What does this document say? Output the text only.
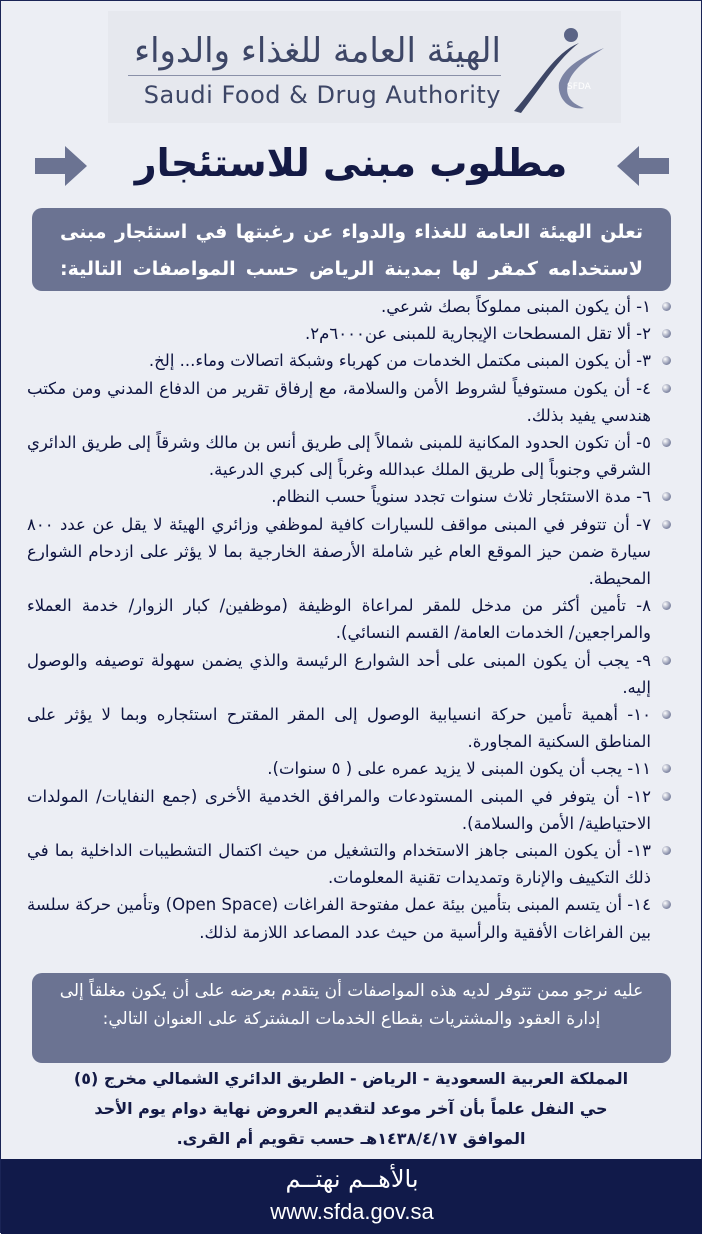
الهيئة العامة للغذاء والدواء
Saudi Food & Drug Authority	SFDA
مطلوب مبنى للاستئجار
تعلن الهيئة العامة للغذاء والدواء عن رغبتها في استئجار مبنى لاستخدامه كمقر لها بمدينة الرياض حسب المواصفات التالية:
١- أن يكون المبنى مملوكاً بصك شرعي.
٢- ألا تقل المسطحات الإيجارية للمبنى عن٦٠٠٠م٢.
٣- أن يكون المبنى مكتمل الخدمات من كهرباء وشبكة اتصالات وماء... إلخ.
٤- أن يكون مستوفياً لشروط الأمن والسلامة، مع إرفاق تقرير من الدفاع المدني ومن مكتب هندسي يفيد بذلك.
٥- أن تكون الحدود المكانية للمبنى شمالاً إلى طريق أنس بن مالك وشرقاً إلى طريق الدائري الشرقي وجنوباً إلى طريق الملك عبدالله وغرباً إلى كبري الدرعية.
٦- مدة الاستئجار ثلاث سنوات تجدد سنوياً حسب النظام.
٧- أن تتوفر في المبنى مواقف للسيارات كافية لموظفي وزائري الهيئة لا يقل عن عدد ٨٠٠ سيارة ضمن حيز الموقع العام غير شاملة الأرصفة الخارجية بما لا يؤثر على ازدحام الشوارع المحيطة.
٨- تأمين أكثر من مدخل للمقر لمراعاة الوظيفة (موظفين/ كبار الزوار/ خدمة العملاء والمراجعين/ الخدمات العامة/ القسم النسائي).
٩- يجب أن يكون المبنى على أحد الشوارع الرئيسة والذي يضمن سهولة توصيفه والوصول إليه.
١٠- أهمية تأمين حركة انسيابية الوصول إلى المقر المقترح استئجاره وبما لا يؤثر على المناطق السكنية المجاورة.
١١- يجب أن يكون المبنى لا يزيد عمره على ( ٥ سنوات).
١٢- أن يتوفر في المبنى المستودعات والمرافق الخدمية الأخرى (جمع النفايات/ المولدات الاحتياطية/ الأمن والسلامة).
١٣- أن يكون المبنى جاهز الاستخدام والتشغيل من حيث اكتمال التشطيبات الداخلية بما في ذلك التكييف والإنارة وتمديدات تقنية المعلومات.
١٤- أن يتسم المبنى بتأمين بيئة عمل مفتوحة الفراغات (Open Space) وتأمين حركة سلسة بين الفراغات الأفقية والرأسية من حيث عدد المصاعد اللازمة لذلك.
عليه نرجو ممن تتوفر لديه هذه المواصفات أن يتقدم بعرضه على أن يكون مغلقاً إلى إدارة العقود والمشتريات بقطاع الخدمات المشتركة على العنوان التالي:
المملكة العربية السعودية - الرياض - الطريق الدائري الشمالي مخرج (٥)
حي النفل علماً بأن آخر موعد لتقديم العروض نهاية دوام يوم الأحد
الموافق ١٤٣٨/٤/١٧هـ حسب تقويم أم القرى.
بالأهــم نهتــم
www.sfda.gov.sa
